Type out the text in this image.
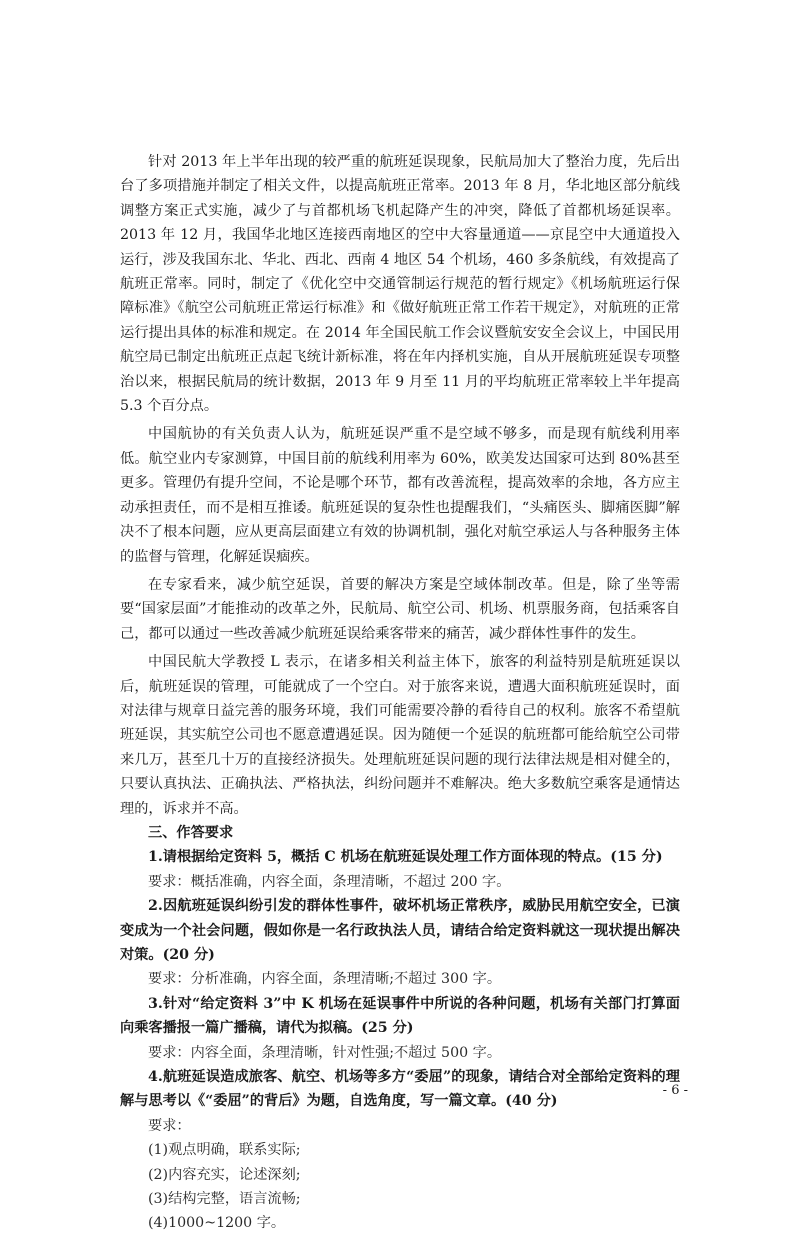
针对 2013 年上半年出现的较严重的航班延误现象，民航局加大了整治力度，先后出台了多项措施并制定了相关文件，以提高航班正常率。2013 年 8 月，华北地区部分航线调整方案正式实施，减少了与首都机场飞机起降产生的冲突，降低了首都机场延误率。2013 年 12 月，我国华北地区连接西南地区的空中大容量通道——京昆空中大通道投入运行，涉及我国东北、华北、西北、西南 4 地区 54 个机场，460 多条航线，有效提高了航班正常率。同时，制定了《优化空中交通管制运行规范的暂行规定》《机场航班运行保障标准》《航空公司航班正常运行标准》和《做好航班正常工作若干规定》，对航班的正常运行提出具体的标准和规定。在 2014 年全国民航工作会议暨航安安全会议上，中国民用航空局已制定出航班正点起飞统计新标准，将在年内择机实施，自从开展航班延误专项整治以来，根据民航局的统计数据，2013 年 9 月至 11 月的平均航班正常率较上半年提高 5.3 个百分点。

中国航协的有关负责人认为，航班延误严重不是空域不够多，而是现有航线利用率低。航空业内专家测算，中国目前的航线利用率为 60%，欧美发达国家可达到 80%甚至更多。管理仍有提升空间，不论是哪个环节，都有改善流程，提高效率的余地，各方应主动承担责任，而不是相互推诿。航班延误的复杂性也提醒我们，“头痛医头、脚痛医脚”解决不了根本问题，应从更高层面建立有效的协调机制，强化对航空承运人与各种服务主体的监督与管理，化解延误痼疾。

在专家看来，减少航空延误，首要的解决方案是空域体制改革。但是，除了坐等需要“国家层面”才能推动的改革之外，民航局、航空公司、机场、机票服务商，包括乘客自己，都可以通过一些改善减少航班延误给乘客带来的痛苦，减少群体性事件的发生。

中国民航大学教授 L 表示，在诸多相关利益主体下，旅客的利益特别是航班延误以后，航班延误的管理，可能就成了一个空白。对于旅客来说，遭遇大面积航班延误时，面对法律与规章日益完善的服务环境，我们可能需要冷静的看待自己的权利。旅客不希望航班延误，其实航空公司也不愿意遭遇延误。因为随便一个延误的航班都可能给航空公司带来几万，甚至几十万的直接经济损失。处理航班延误问题的现行法律法规是相对健全的，只要认真执法、正确执法、严格执法，纠纷问题并不难解决。绝大多数航空乘客是通情达理的，诉求并不高。

三、作答要求

1.请根据给定资料 5，概括 C 机场在航班延误处理工作方面体现的特点。(15 分)

要求：概括准确，内容全面，条理清晰，不超过 200 字。

2.因航班延误纠纷引发的群体性事件，破坏机场正常秩序，威胁民用航空安全，已演变成为一个社会问题，假如你是一名行政执法人员，请结合给定资料就这一现状提出解决对策。(20 分)

要求：分析准确，内容全面，条理清晰;不超过 300 字。

3.针对“给定资料 3”中 K 机场在延误事件中所说的各种问题，机场有关部门打算面向乘客播报一篇广播稿，请代为拟稿。(25 分)

要求：内容全面，条理清晰，针对性强;不超过 500 字。

4.航班延误造成旅客、航空、机场等多方“委屈”的现象，请结合对全部给定资料的理解与思考以《“委屈”的背后》为题，自选角度，写一篇文章。(40 分)

要求：

(1)观点明确，联系实际;

(2)内容充实，论述深刻;

(3)结构完整，语言流畅;

(4)1000~1200 字。

- 6 -
